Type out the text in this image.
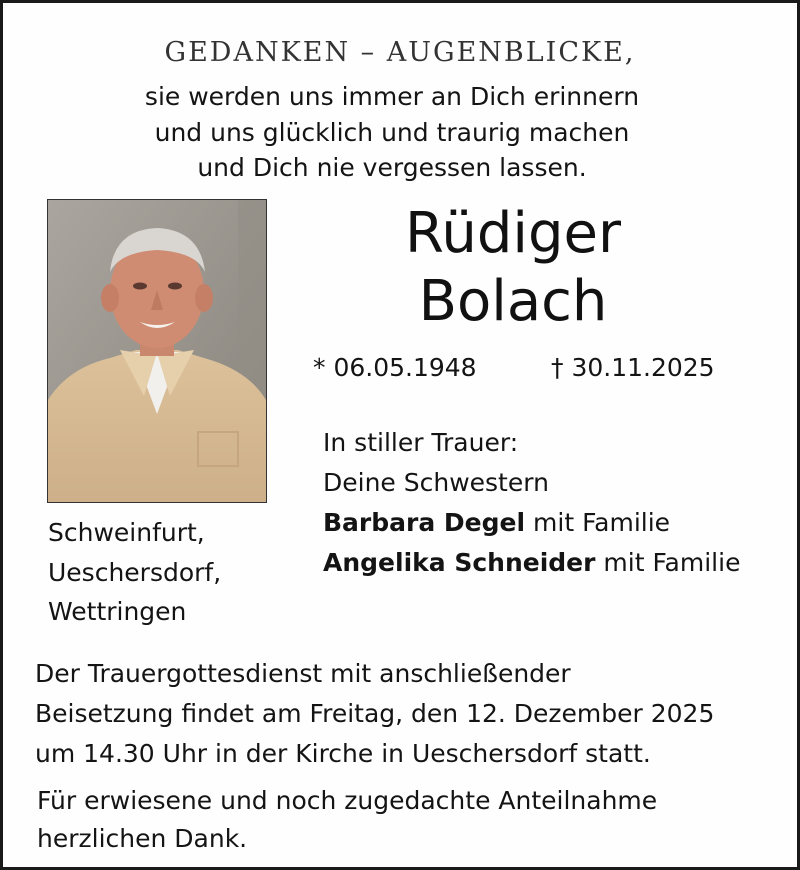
GEDANKEN – AUGENBLICKE,
sie werden uns immer an Dich erinnern
und uns glücklich und traurig machen
und Dich nie vergessen lassen.
Rüdiger
Bolach
* 06.05.1948	† 30.11.2025
In stiller Trauer:
Deine Schwestern
Barbara Degel mit Familie
Angelika Schneider mit Familie
Schweinfurt,
Ueschersdorf,
Wettringen
Der Trauergottesdienst mit anschließender
Beisetzung findet am Freitag, den 12. Dezember 2025
um 14.30 Uhr in der Kirche in Ueschersdorf statt.
Für erwiesene und noch zugedachte Anteilnahme
herzlichen Dank.
